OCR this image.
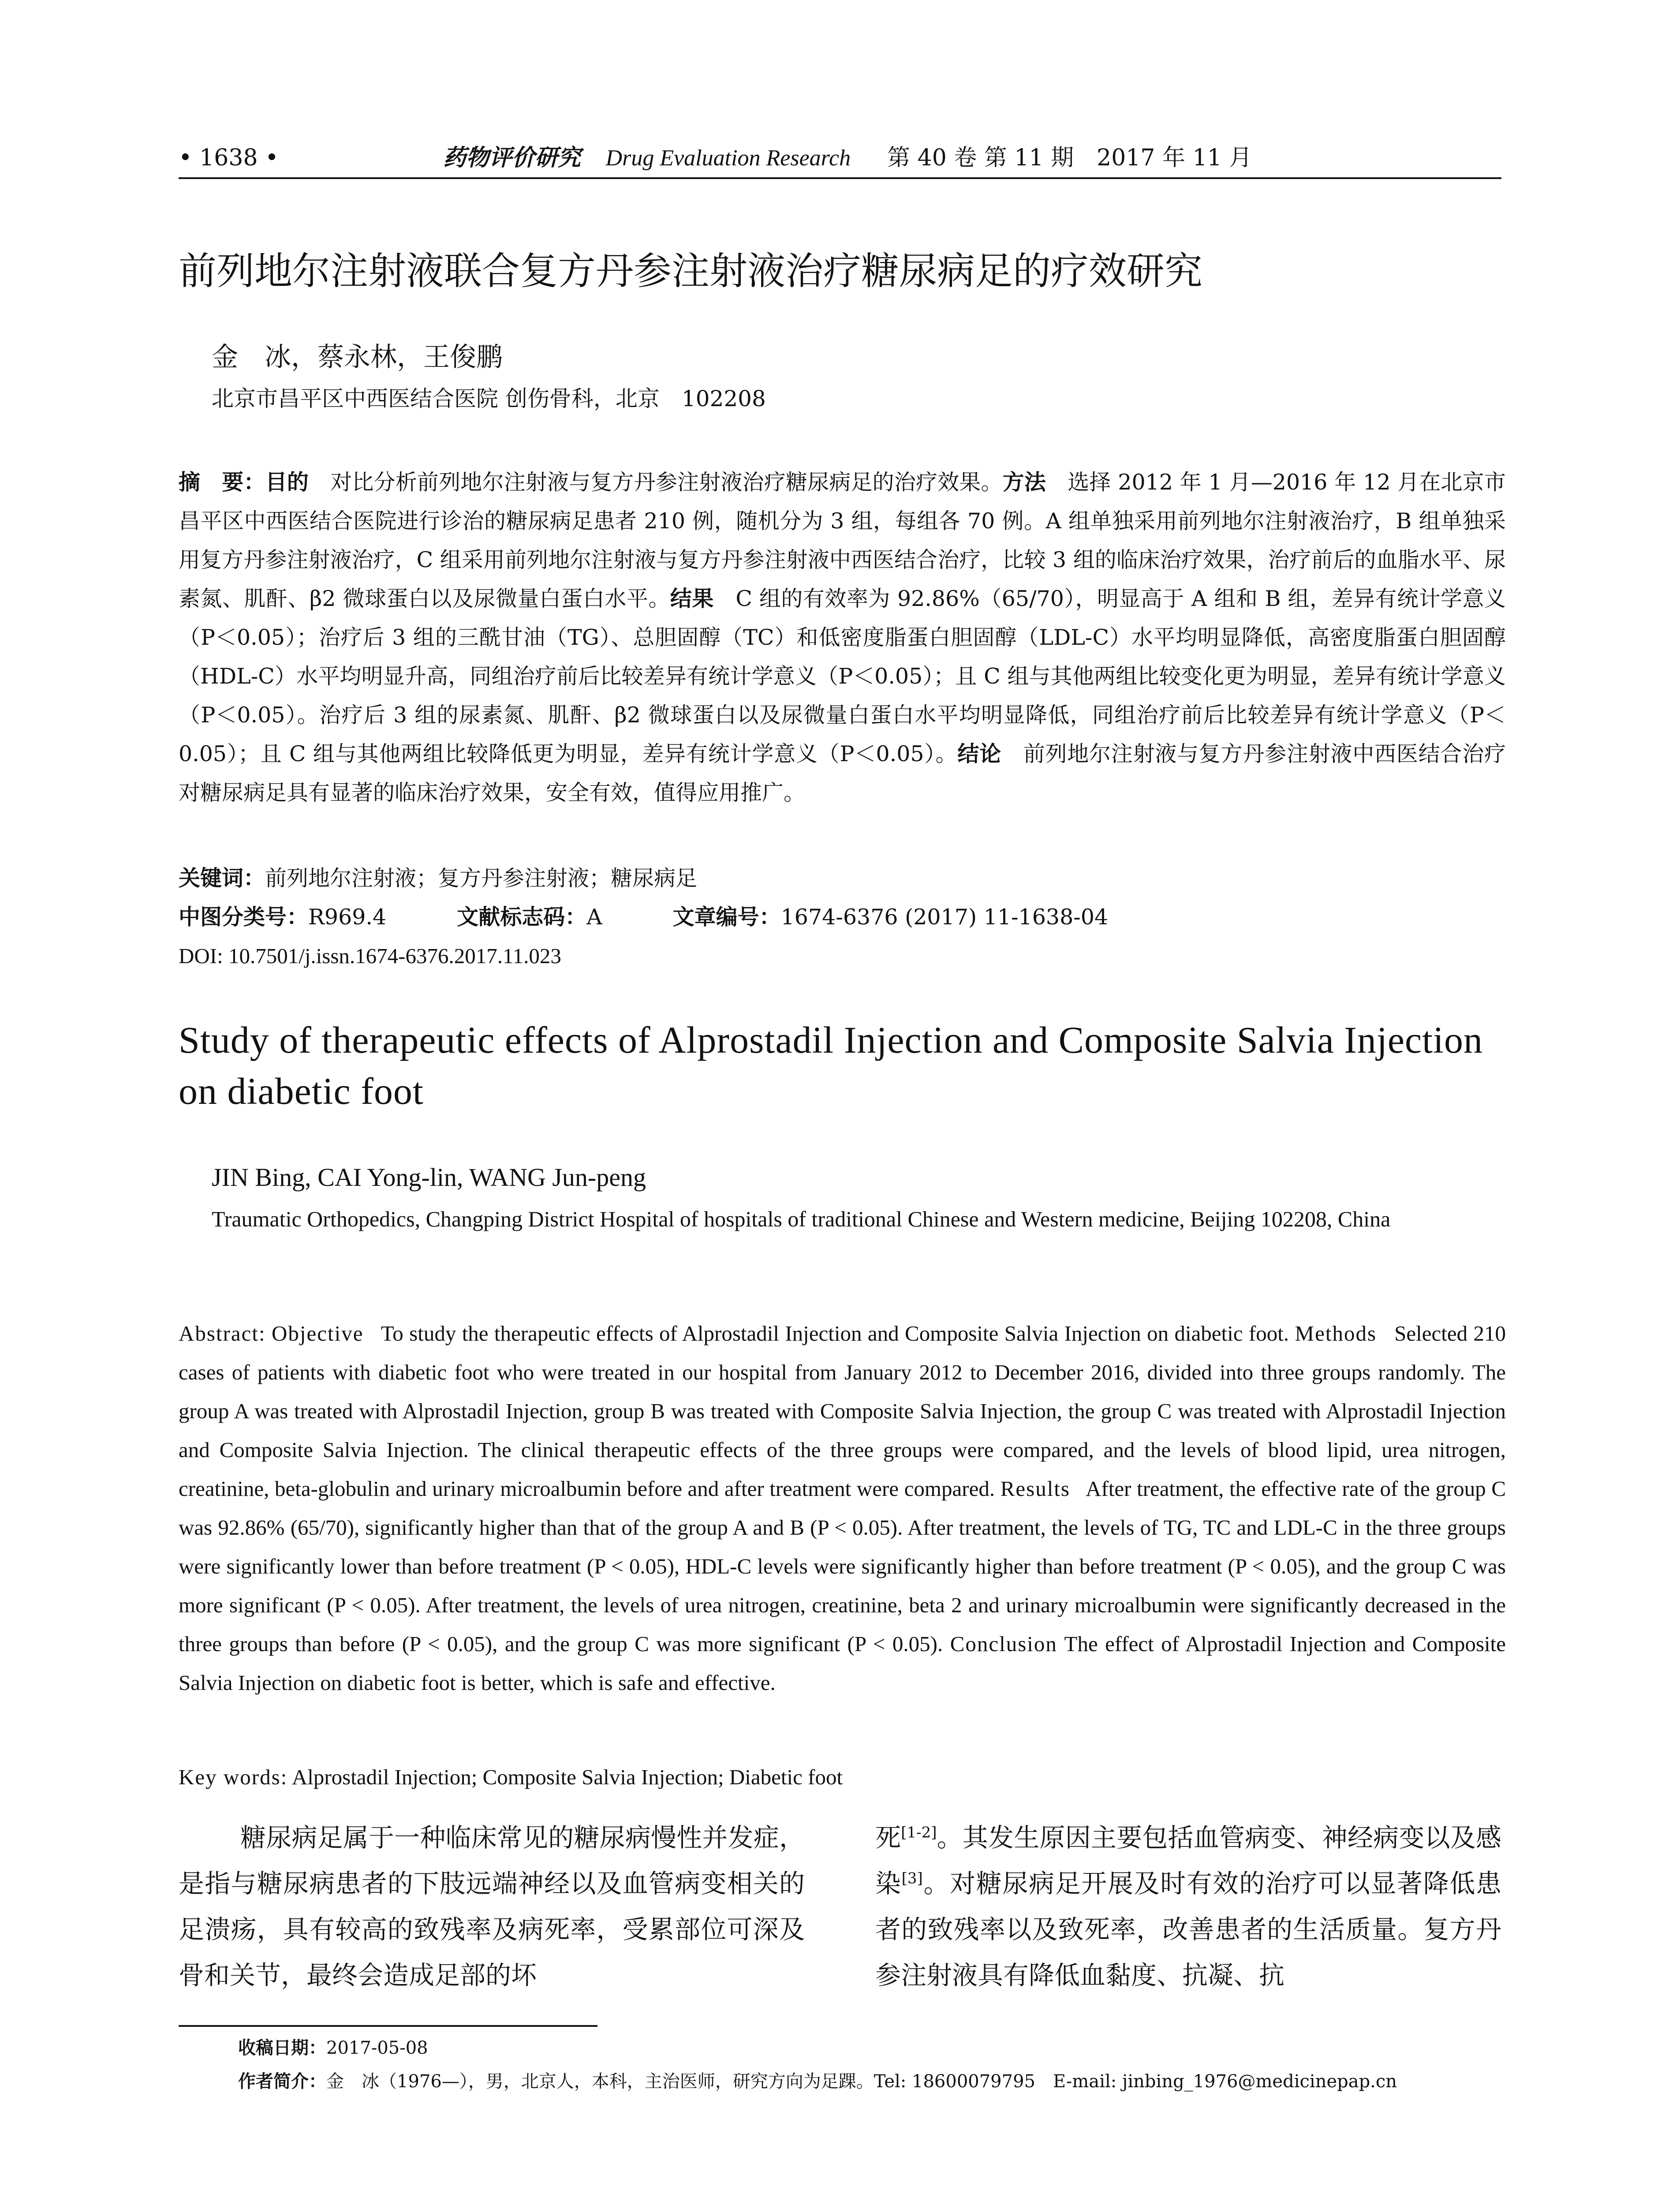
• 1638 •	药物评价研究 Drug Evaluation Research 第 40 卷 第 11 期　2017 年 11 月
前列地尔注射液联合复方丹参注射液治疗糖尿病足的疗效研究
金　冰，蔡永林，王俊鹏
北京市昌平区中西医结合医院 创伤骨科，北京　102208
摘　要：目的　对比分析前列地尔注射液与复方丹参注射液治疗糖尿病足的治疗效果。方法　选择 2012 年 1 月—2016 年 12 月在北京市昌平区中西医结合医院进行诊治的糖尿病足患者 210 例，随机分为 3 组，每组各 70 例。A 组单独采用前列地尔注射液治疗，B 组单独采用复方丹参注射液治疗，C 组采用前列地尔注射液与复方丹参注射液中西医结合治疗，比较 3 组的临床治疗效果，治疗前后的血脂水平、尿素氮、肌酐、β2 微球蛋白以及尿微量白蛋白水平。结果　C 组的有效率为 92.86%（65/70），明显高于 A 组和 B 组，差异有统计学意义（P＜0.05）；治疗后 3 组的三酰甘油（TG）、总胆固醇（TC）和低密度脂蛋白胆固醇（LDL-C）水平均明显降低，高密度脂蛋白胆固醇（HDL-C）水平均明显升高，同组治疗前后比较差异有统计学意义（P＜0.05）；且 C 组与其他两组比较变化更为明显，差异有统计学意义（P＜0.05）。治疗后 3 组的尿素氮、肌酐、β2 微球蛋白以及尿微量白蛋白水平均明显降低，同组治疗前后比较差异有统计学意义（P＜0.05）；且 C 组与其他两组比较降低更为明显，差异有统计学意义（P＜0.05）。结论　前列地尔注射液与复方丹参注射液中西医结合治疗对糖尿病足具有显著的临床治疗效果，安全有效，值得应用推广。
关键词：前列地尔注射液；复方丹参注射液；糖尿病足
中图分类号：R969.4	文献标志码：A	文章编号：1674-6376 (2017) 11-1638-04
DOI: 10.7501/j.issn.1674-6376.2017.11.023
Study of therapeutic effects of Alprostadil Injection and Composite Salvia Injection on diabetic foot
JIN Bing, CAI Yong-lin, WANG Jun-peng
Traumatic Orthopedics, Changping District Hospital of hospitals of traditional Chinese and Western medicine, Beijing 102208, China
Abstract: Objective To study the therapeutic effects of Alprostadil Injection and Composite Salvia Injection on diabetic foot. Methods Selected 210 cases of patients with diabetic foot who were treated in our hospital from January 2012 to December 2016, divided into three groups randomly. The group A was treated with Alprostadil Injection, group B was treated with Composite Salvia Injection, the group C was treated with Alprostadil Injection and Composite Salvia Injection. The clinical therapeutic effects of the three groups were compared, and the levels of blood lipid, urea nitrogen, creatinine, beta-globulin and urinary microalbumin before and after treatment were compared. Results After treatment, the effective rate of the group C was 92.86% (65/70), significantly higher than that of the group A and B (P < 0.05). After treatment, the levels of TG, TC and LDL-C in the three groups were significantly lower than before treatment (P < 0.05), HDL-C levels were significantly higher than before treatment (P < 0.05), and the group C was more significant (P < 0.05). After treatment, the levels of urea nitrogen, creatinine, beta 2 and urinary microalbumin were significantly decreased in the three groups than before (P < 0.05), and the group C was more significant (P < 0.05). Conclusion The effect of Alprostadil Injection and Composite Salvia Injection on diabetic foot is better, which is safe and effective.
Key words: Alprostadil Injection; Composite Salvia Injection; Diabetic foot
糖尿病足属于一种临床常见的糖尿病慢性并发症，是指与糖尿病患者的下肢远端神经以及血管病变相关的足溃疡，具有较高的致残率及病死率，受累部位可深及骨和关节，最终会造成足部的坏
死[1-2]。其发生原因主要包括血管病变、神经病变以及感染[3]。对糖尿病足开展及时有效的治疗可以显著降低患者的致残率以及致死率，改善患者的生活质量。复方丹参注射液具有降低血黏度、抗凝、抗
收稿日期：2017-05-08
作者简介：金　冰（1976—），男，北京人，本科，主治医师，研究方向为足踝。Tel: 18600079795　E-mail: jinbing_1976@medicinepap.cn
